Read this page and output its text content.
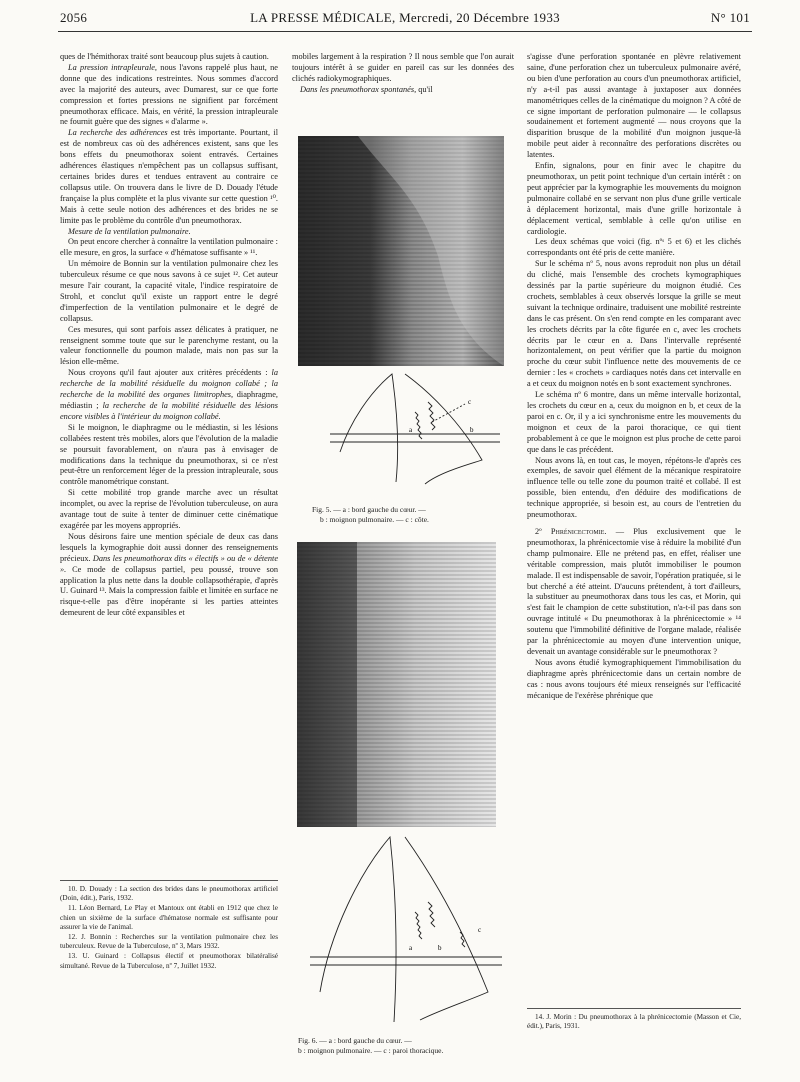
2056	LA PRESSE MÉDICALE, Mercredi, 20 Décembre 1933	N° 101

ques de l'hémithorax traité sont beaucoup plus sujets à caution.

La pression intrapleurale, nous l'avons rappelé plus haut, ne donne que des indications restreintes. Nous sommes d'accord avec la majorité des auteurs, avec Dumarest, sur ce que forte compression et fortes pressions ne signifient par forcément pneumothorax efficace. Mais, en vérité, la pression intrapleurale ne fournit guère que des signes « d'alarme ».

La recherche des adhérences est très importante. Pourtant, il est de nombreux cas où des adhérences existent, sans que les bons effets du pneumothorax soient entravés. Certaines adhérences élastiques n'empêchent pas un collapsus suffisant, certaines brides dures et tendues entravent au contraire ce collapsus utile. On trouvera dans le livre de D. Douady l'étude française la plus complète et la plus vivante sur cette question ¹⁰. Mais à cette seule notion des adhérences et des brides ne se limite pas le problème du contrôle d'un pneumothorax.

Mesure de la ventilation pulmonaire.

On peut encore chercher à connaître la ventilation pulmonaire : elle mesure, en gros, la surface « d'hématose suffisante » ¹¹.

Un mémoire de Bonnin sur la ventilation pulmonaire chez les tuberculeux résume ce que nous savons à ce sujet ¹². Cet auteur mesure l'air courant, la capacité vitale, l'indice respiratoire de Strohl, et conclut qu'il existe un rapport entre le degré d'imperfection de la ventilation pulmonaire et le degré de collapsus.

Ces mesures, qui sont parfois assez délicates à pratiquer, ne renseignent somme toute que sur le parenchyme restant, ou la valeur fonctionnelle du poumon malade, mais non pas sur la lésion elle-même.

Nous croyons qu'il faut ajouter aux critères précédents : la recherche de la mobilité résiduelle du moignon collabé ; la recherche de la mobilité des organes limitrophes, diaphragme, médiastin ; la recherche de la mobilité résiduelle des lésions encore visibles à l'intérieur du moignon collabé.

Si le moignon, le diaphragme ou le médiastin, si les lésions collabées restent très mobiles, alors que l'évolution de la maladie se poursuit favorablement, on n'aura pas à envisager de modifications dans la technique du pneumothorax, si ce n'est peut-être un renforcement léger de la pression intrapleurale, sous contrôle manométrique constant.

Si cette mobilité trop grande marche avec un résultat incomplet, ou avec la reprise de l'évolution tuberculeuse, on aura avantage tout de suite à tenter de diminuer cette cinématique exagérée par les moyens appropriés.

Nous désirons faire une mention spéciale de deux cas dans lesquels la kymographie doit aussi donner des renseignements précieux. Dans les pneumothorax dits « électifs » ou de « détente ». Ce mode de collapsus partiel, peu poussé, trouve son application la plus nette dans la double collapsothérapie, d'après U. Guinard ¹³. Mais la compression faible et limitée en surface ne risque-t-elle pas d'être inopérante si les parties atteintes demeurent de leur côté expansibles et

10. D. Douady : La section des brides dans le pneumothorax artificiel (Doin, édit.), Paris, 1932.

11. Léon Bernard, Le Play et Mantoux ont établi en 1912 que chez le chien un sixième de la surface d'hématose normale est suffisante pour assurer la vie de l'animal.

12. J. Bonnin : Recherches sur la ventilation pulmonaire chez les tuberculeux. Revue de la Tuberculose, nº 3, Mars 1932.

13. U. Guinard : Collapsus électif et pneumothorax bilatéralisé simultané. Revue de la Tuberculose, nº 7, Juillet 1932.

mobiles largement à la respiration ? Il nous semble que l'on aurait toujours intérêt à se guider en pareil cas sur les données des clichés radiokymographiques.

Dans les pneumothorax spontanés, qu'il

a	b
c
Fig. 5. — a : bord gauche du cœur. —
b : moignon pulmonaire. — c : côte.
a	b
c
Fig. 6. — a : bord gauche du cœur. —
b : moignon pulmonaire. — c : paroi thoracique.

s'agisse d'une perforation spontanée en plèvre relativement saine, d'une perforation chez un tuberculeux pulmonaire avéré, ou bien d'une perforation au cours d'un pneumothorax artificiel, n'y a-t-il pas aussi avantage à juxtaposer aux données manométriques celles de la cinématique du moignon ? A côté de ce signe important de perforation pulmonaire — le collapsus soudainement et fortement augmenté — nous croyons que la disparition brusque de la mobilité d'un moignon jusque-là mobile peut aider à reconnaître des perforations discrètes ou latentes.

Enfin, signalons, pour en finir avec le chapitre du pneumothorax, un petit point technique d'un certain intérêt : on peut apprécier par la kymographie les mouvements du moignon pulmonaire collabé en se servant non plus d'une grille verticale à déplacement horizontal, mais d'une grille horizontale à déplacement vertical, semblable à celle qu'on utilise en cardiologie.

Les deux schémas que voici (fig. nºˢ 5 et 6) et les clichés correspondants ont été pris de cette manière.

Sur le schéma nº 5, nous avons reproduit non plus un détail du cliché, mais l'ensemble des crochets kymographiques dessinés par la partie supérieure du moignon étudié. Ces crochets, semblables à ceux observés lorsque la grille se meut suivant la technique ordinaire, traduisent une mobilité restreinte dans le cas présent. On s'en rend compte en les comparant avec les crochets décrits par la côte figurée en c, avec les crochets décrits par le cœur en a. Dans l'intervalle représenté horizontalement, on peut vérifier que la partie du moignon proche du cœur subit l'influence nette des mouvements de ce dernier : les « crochets » cardiaques notés dans cet intervalle en a et ceux du moignon notés en b sont exactement synchrones.

Le schéma nº 6 montre, dans un même intervalle horizontal, les crochets du cœur en a, ceux du moignon en b, et ceux de la paroi en c. Or, il y a ici synchronisme entre les mouvements du moignon et ceux de la paroi thoracique, ce qui tient probablement à ce que le moignon est plus proche de cette paroi que dans le cas précédent.

Nous avons là, en tout cas, le moyen, répétons-le d'après ces exemples, de savoir quel élément de la mécanique respiratoire influence telle ou telle zone du poumon traité et collabé. Il est possible, bien entendu, d'en déduire des modifications de technique appropriée, si besoin est, au cours de l'entretien du pneumothorax.

2º Phrénicectomie. — Plus exclusivement que le pneumothorax, la phrénicectomie vise à réduire la mobilité d'un champ pulmonaire. Elle ne prétend pas, en effet, réaliser une véritable compression, mais plutôt immobiliser le poumon malade. Il est indispensable de savoir, l'opération pratiquée, si le but cherché a été atteint. D'aucuns prétendent, à tort d'ailleurs, la substituer au pneumothorax dans tous les cas, et Morin, qui s'est fait le champion de cette substitution, n'a-t-il pas dans son ouvrage intitulé « Du pneumothorax à la phrénicectomie » ¹⁴ soutenu que l'immobilité définitive de l'organe malade, réalisée par la phrénicectomie au moyen d'une intervention unique, devenait un avantage considérable sur le pneumothorax ?

Nous avons étudié kymographiquement l'immobilisation du diaphragme après phrénicectomie dans un certain nombre de cas : nous avons toujours été mieux renseignés sur l'efficacité mécanique de l'exérèse phrénique que

14. J. Morin : Du pneumothorax à la phrénicectomie (Masson et Cie, édit.), Paris, 1931.
